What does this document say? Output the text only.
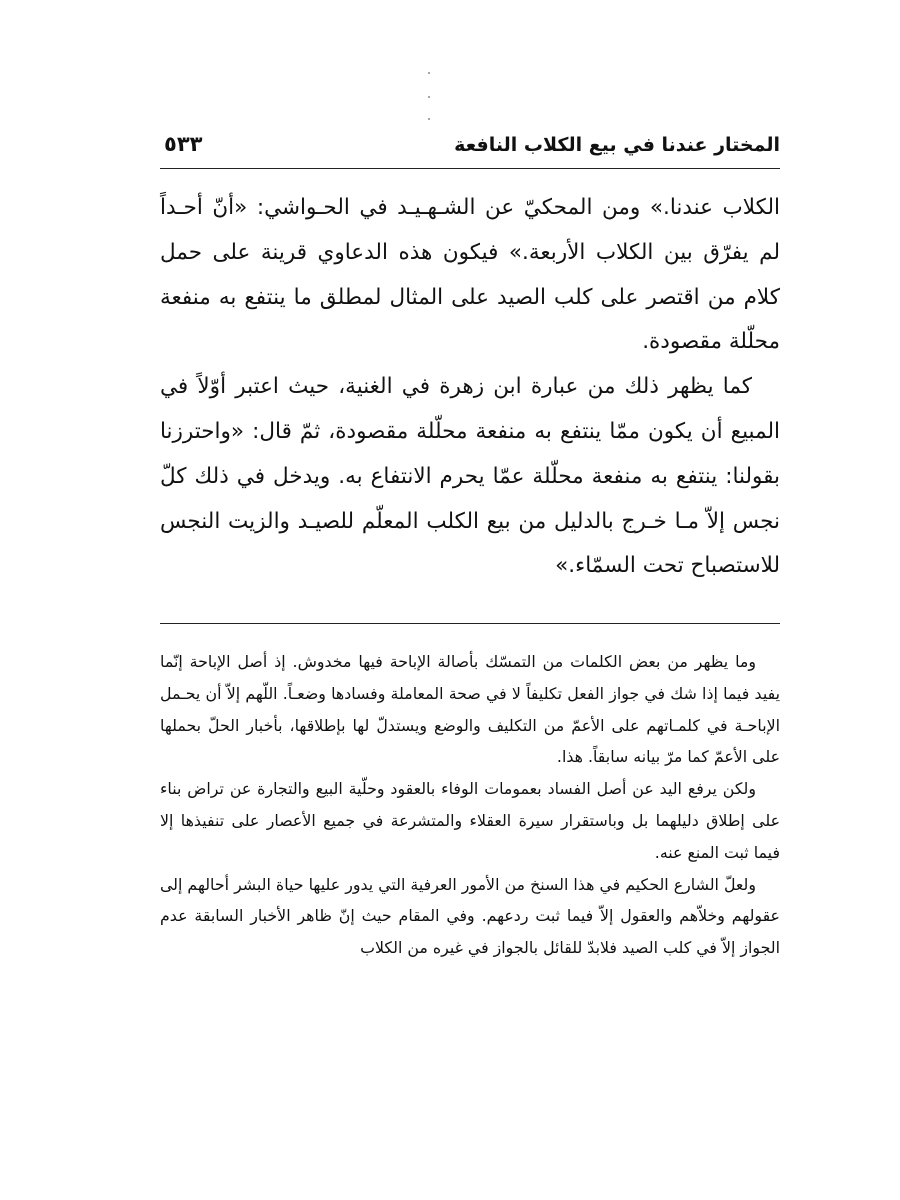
المختار عندنا في بيع الكلاب النافعة
٥٣٣

الكلاب عندنا.» ومن المحكيّ عن الشـهـيـد في الحـواشي: «أنّ أحـداً لم يفرّق بين الكلاب الأربعة.» فيكون هذه الدعاوي قرينة على حمل كلام من اقتصر على كلب الصيد على المثال لمطلق ما ينتفع به منفعة محلّلة مقصودة.

كما يظهر ذلك من عبارة ابن زهرة في الغنية، حيث اعتبر أوّلاً في المبيع أن يكون ممّا ينتفع به منفعة محلّلة مقصودة، ثمّ قال: «واحترزنا بقولنا: ينتفع به منفعة محلّلة عمّا يحرم الانتفاع به. ويدخل في ذلك كلّ نجس إلاّ مـا خـرج بالدليل من بيع الكلب المعلّم للصيـد والزيت النجس للاستصباح تحت السمّاء.»

وما يظهر من بعض الكلمات من التمسّك بأصالة الإباحة فيها مخدوش. إذ أصل الإباحة إنّما يفيد فيما إذا شك في جواز الفعل تكليفاً لا في صحة المعاملة وفسادها وضعـاً. اللّهم إلاّ أن يحـمل الإباحـة في كلمـاتهم على الأعمّ من التكليف والوضع ويستدلّ لها بإطلاقها، بأخبار الحلّ بحملها على الأعمّ كما مرّ بيانه سابقاً. هذا.

ولكن يرفع اليد عن أصل الفساد بعمومات الوفاء بالعقود وحلّية البيع والتجارة عن تراض بناء على إطلاق دليلهما بل وباستقرار سيرة العقلاء والمتشرعة في جميع الأعصار على تنفيذها إلا فيما ثبت المنع عنه.

ولعلّ الشارع الحكيم في هذا السنخ من الأمور العرفية التي يدور عليها حياة البشر أحالهم إلى عقولهم وخلاّهم والعقول إلاّ فيما ثبت ردعهم. وفي المقام حيث إنّ ظاهر الأخبار السابقة عدم الجواز إلاّ في كلب الصيد فلابدّ للقائل بالجواز في غيره من الكلاب
